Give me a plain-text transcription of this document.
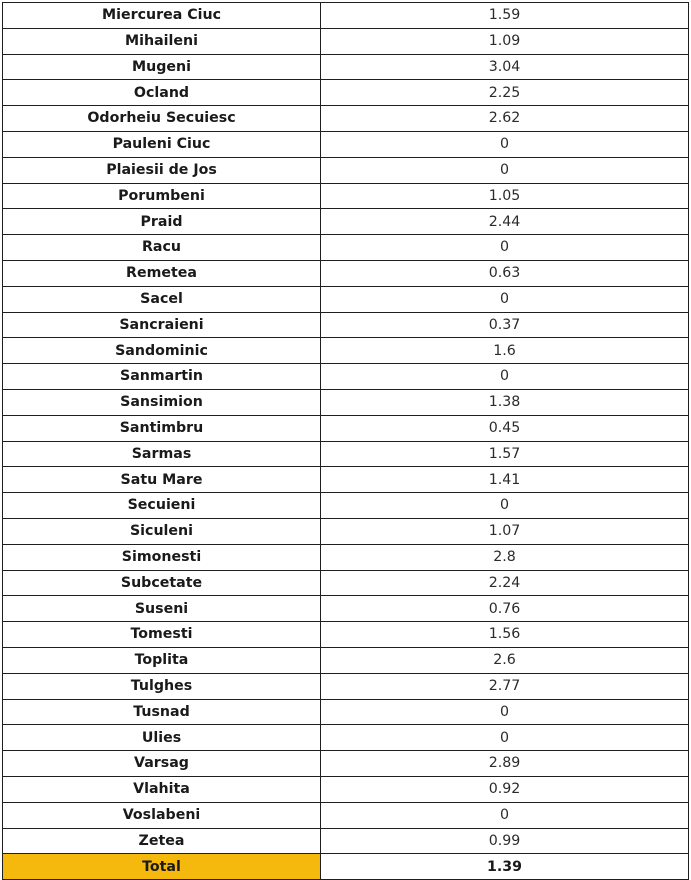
Miercurea Ciuc	1.59
Mihaileni	1.09
Mugeni	3.04
Ocland	2.25
Odorheiu Secuiesc	2.62
Pauleni Ciuc	0
Plaiesii de Jos	0
Porumbeni	1.05
Praid	2.44
Racu	0
Remetea	0.63
Sacel	0
Sancraieni	0.37
Sandominic	1.6
Sanmartin	0
Sansimion	1.38
Santimbru	0.45
Sarmas	1.57
Satu Mare	1.41
Secuieni	0
Siculeni	1.07
Simonesti	2.8
Subcetate	2.24
Suseni	0.76
Tomesti	1.56
Toplita	2.6
Tulghes	2.77
Tusnad	0
Ulies	0
Varsag	2.89
Vlahita	0.92
Voslabeni	0
Zetea	0.99
Total	1.39
